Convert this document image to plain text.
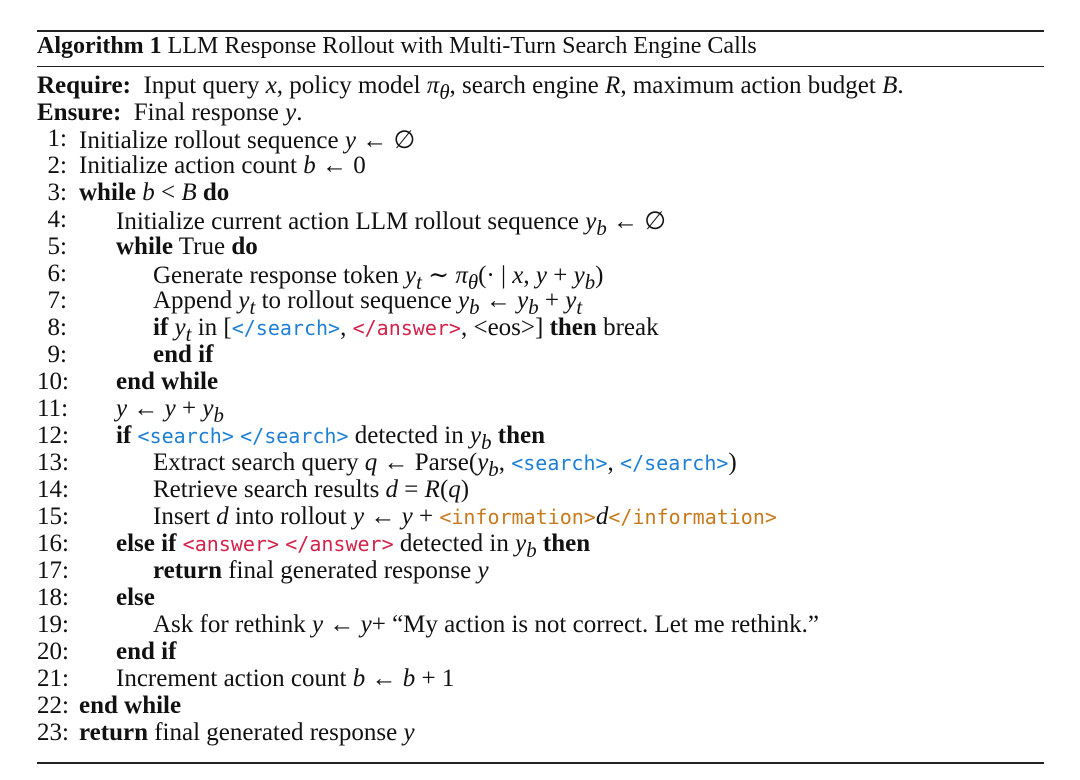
Algorithm 1 LLM Response Rollout with Multi-Turn Search Engine Calls
Require: Input query x, policy model $\pi_\theta$, search engine R, maximum action budget B.
Ensure: Final response y.
1: Initialize rollout sequence y ← ∅
2: Initialize action count b ← 0
3: while b < B do
4: Initialize current action LLM rollout sequence $y_b$ ← ∅
5: while True do
6:	Generate response token $y_t$ ∼ $\pi_\theta(\cdot$ | x, $y + y_b$)
7:	Append $y_t$ to rollout sequence $y_b$ ← $y_b + y_t$
8:	if $y_t$ in [</search>, </answer>, <eos>] then break
9:	end if
10: end while
11: y ← $y + y_b$
12: if <search> </search> detected in $y_b$ then
13:	Extract search query q ← $Parse(y_b$, <search>, </search>)
14:	Retrieve search results d = R(q)
15:	Insert d into rollout y ← y + <information>d</information>
16: else if <answer> </answer> detected in $y_b$ then
17:	return final generated response y
18: else
19:	Ask for rethink y ← y+ “My action is not correct. Let me rethink.”
20: end if
21: Increment action count b ← b + 1
22: end while
23: return final generated response y
